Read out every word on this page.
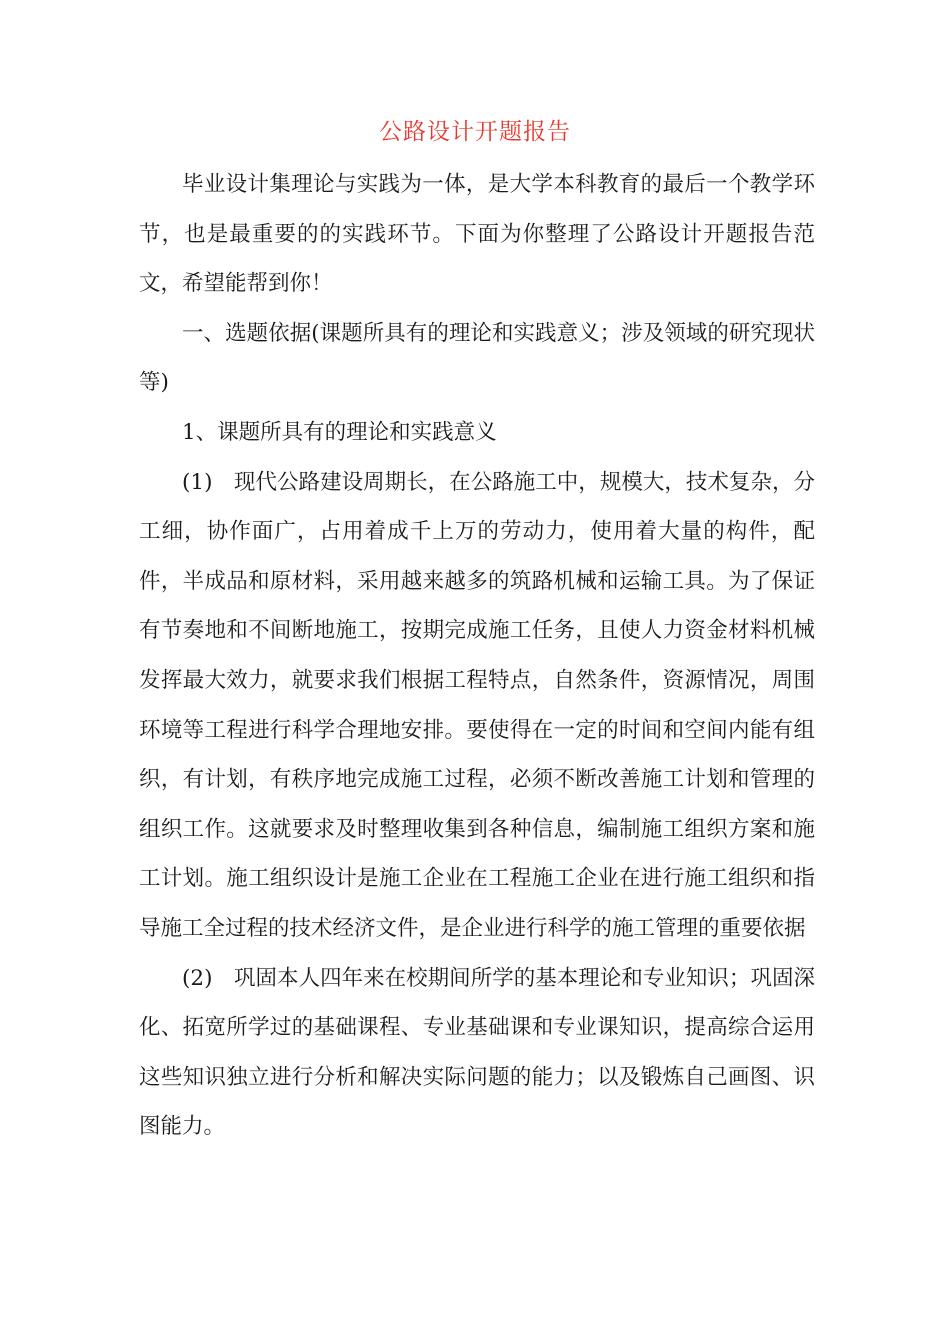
公路设计开题报告

毕业设计集理论与实践为一体，是大学本科教育的最后一个教学环节，也是最重要的的实践环节。下面为你整理了公路设计开题报告范文，希望能帮到你！

一、选题依据(课题所具有的理论和实践意义；涉及领域的研究现状等)

1、课题所具有的理论和实践意义

(1)　现代公路建设周期长，在公路施工中，规模大，技术复杂，分工细，协作面广，占用着成千上万的劳动力，使用着大量的构件，配件，半成品和原材料，采用越来越多的筑路机械和运输工具。为了保证有节奏地和不间断地施工，按期完成施工任务，且使人力资金材料机械发挥最大效力，就要求我们根据工程特点，自然条件，资源情况，周围环境等工程进行科学合理地安排。要使得在一定的时间和空间内能有组织，有计划，有秩序地完成施工过程，必须不断改善施工计划和管理的组织工作。这就要求及时整理收集到各种信息，编制施工组织方案和施工计划。施工组织设计是施工企业在工程施工企业在进行施工组织和指导施工全过程的技术经济文件，是企业进行科学的施工管理的重要依据

(2)　巩固本人四年来在校期间所学的基本理论和专业知识；巩固深化、拓宽所学过的基础课程、专业基础课和专业课知识，提高综合运用这些知识独立进行分析和解决实际问题的能力；以及锻炼自己画图、识图能力。
